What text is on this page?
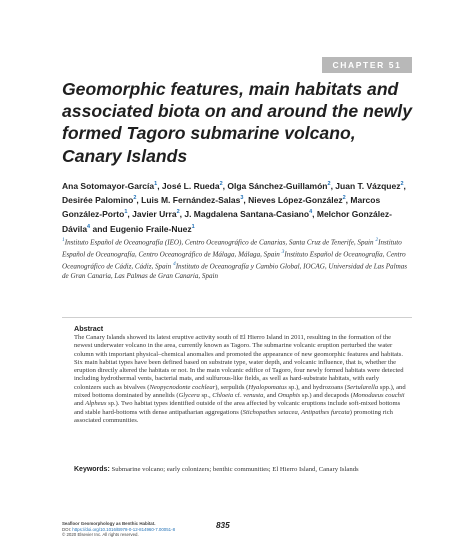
CHAPTER 51
Geomorphic features, main habitats and associated biota on and around the newly formed Tagoro submarine volcano, Canary Islands
Ana Sotomayor-García$^1$, José L. Rueda$^2$, Olga Sánchez-Guillamón$^2$, Juan T. Vázquez$^2$, Desirée Palomino$^2$, Luis M. Fernández-Salas$^3$, Nieves López-González$^2$, Marcos González-Porto$^1$, Javier Urra$^2$, J. Magdalena Santana-Casiano$^4$, Melchor González-Dávila$^4$ and Eugenio Fraile-Nuez$^1$
$^1$Instituto Español de Oceanografía (IEO), Centro Oceanográfico de Canarias, Santa Cruz de Tenerife, Spain $^2$Instituto Español de Oceanografía, Centro Oceanográfico de Málaga, Málaga, Spain $^3$Instituto Español de Oceanografía, Centro Oceanográfico de Cádiz, Cádiz, Spain $^4$Instituto de Oceanografía y Cambio Global, IOCAG, Universidad de Las Palmas de Gran Canaria, Las Palmas de Gran Canaria, Spain
Abstract
The Canary Islands showed its latest eruptive activity south of El Hierro Island in 2011, resulting in the formation of the newest underwater volcano in the area, currently known as Tagoro. The submarine volcanic eruption perturbed the water column with important physical–chemical anomalies and promoted the appearance of new geomorphic features and habitats. Six main habitat types have been defined based on substrate type, water depth, and volcanic influence, that is, whether the eruption directly altered the habitats or not. In the main volcanic edifice of Tagoro, four newly formed habitats were detected including hydrothermal vents, bacterial mats, and sulfurous-like fields, as well as hard-substrate habitats, with early colonizers such as bivalves (Neopycnodonte cochlear), serpulids (Hyalopomatus sp.), and hydrozoans (Sertularella spp.), and mixed bottoms dominated by annelids (Glycera sp., Chloeia cf. venusta, and Onuphis sp.) and decapods (Monodaeus couchii and Alpheus sp.). Two habitat types identified outside of the area affected by volcanic eruptions include soft-mixed bottoms and stable hard-bottoms with dense antipatharian aggregations (Stichopathes setacea, Antipathes furcata) promoting rich associated communities.
Keywords: Submarine volcano; early colonizers; benthic communities; El Hierro Island, Canary Islands
Seafloor Geomorphology as Benthic Habitat.
DOI: https://doi.org/10.1016/B978-0-12-814960-7.00051-8
© 2020 Elsevier Inc. All rights reserved.
835
